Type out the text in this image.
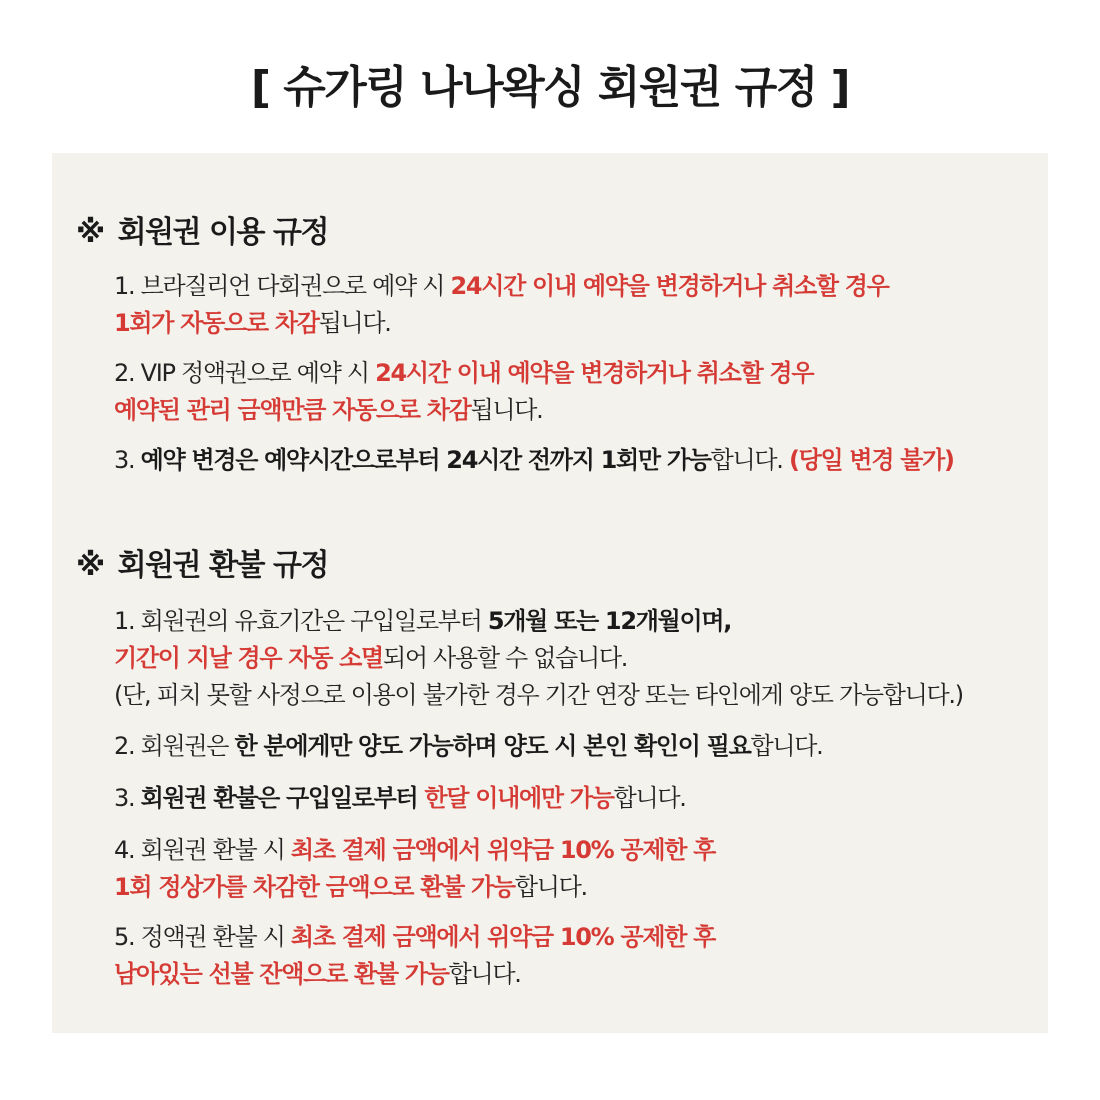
[ 슈가링 나나왁싱 회원권 규정 ]
※ 회원권 이용 규정
1. 브라질리언 다회권으로 예약 시 24시간 이내 예약을 변경하거나 취소할 경우
1회가 자동으로 차감됩니다.
2. VIP 정액권으로 예약 시 24시간 이내 예약을 변경하거나 취소할 경우
예약된 관리 금액만큼 자동으로 차감됩니다.
3. 예약 변경은 예약시간으로부터 24시간 전까지 1회만 가능합니다. (당일 변경 불가)
※ 회원권 환불 규정
1. 회원권의 유효기간은 구입일로부터 5개월 또는 12개월이며,
기간이 지날 경우 자동 소멸되어 사용할 수 없습니다.
(단, 피치 못할 사정으로 이용이 불가한 경우 기간 연장 또는 타인에게 양도 가능합니다.)
2. 회원권은 한 분에게만 양도 가능하며 양도 시 본인 확인이 필요합니다.
3. 회원권 환불은 구입일로부터 한달 이내에만 가능합니다.
4. 회원권 환불 시 최초 결제 금액에서 위약금 10% 공제한 후
1회 정상가를 차감한 금액으로 환불 가능합니다.
5. 정액권 환불 시 최초 결제 금액에서 위약금 10% 공제한 후
남아있는 선불 잔액으로 환불 가능합니다.
